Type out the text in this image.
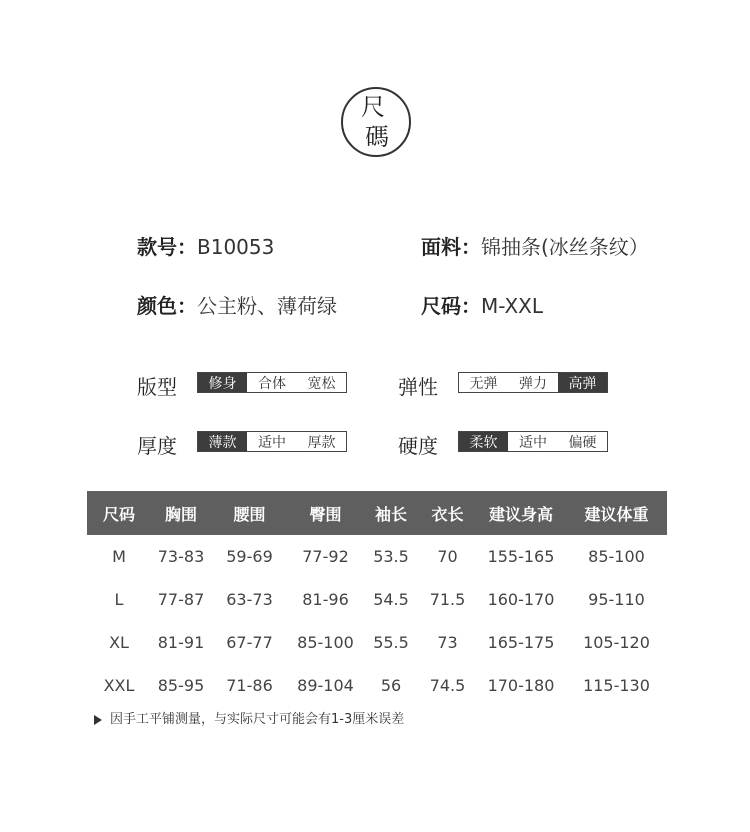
尺
碼
款号：B10053	面料：锦抽条(冰丝条纹）
颜色：公主粉、薄荷绿	尺码：M-XXL
版型	修身	合体	宽松	弹性	无弹	弹力	高弹
厚度	薄款	适中	厚款	硬度	柔软	适中	偏硬
尺码	胸围	腰围	臀围	袖长	衣长	建议身高	建议体重
M	73-83	59-69	77-92	53.5	70	155-165	85-100
L	77-87	63-73	81-96	54.5	71.5	160-170	95-110
XL	81-91	67-77	85-100	55.5	73	165-175	105-120
XXL	85-95	71-86	89-104	56	74.5	170-180	115-130
因手工平铺测量，与实际尺寸可能会有1-3厘米误差
